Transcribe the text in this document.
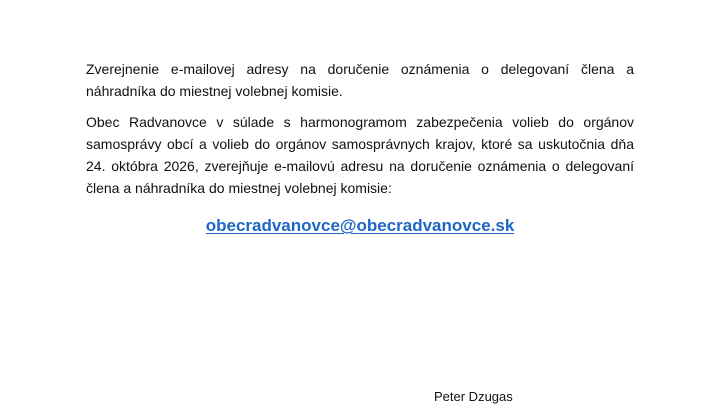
Zverejnenie e-mailovej adresy na doručenie oznámenia o delegovaní člena a náhradníka do miestnej volebnej komisie.

Obec Radvanovce v súlade s harmonogramom zabezpečenia volieb do orgánov samosprávy obcí a volieb do orgánov samosprávnych krajov, ktoré sa uskutočnia dňa 24. októbra 2026, zverejňuje e-mailovú adresu na doručenie oznámenia o delegovaní člena a náhradníka do miestnej volebnej komisie:

obecradvanovce@obecradvanovce.sk
Peter Dzugas
